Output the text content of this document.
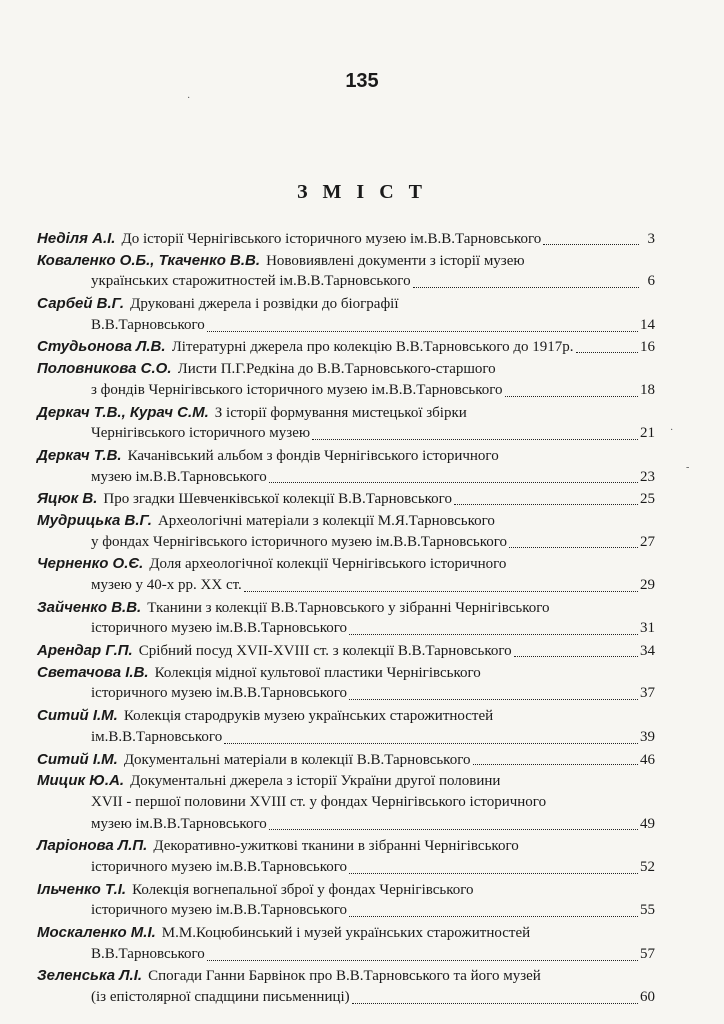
135
З М І С Т
·
·
-
Неділя А.І. До історії Чернігівського історичного музею ім.В.В.Тарновського	3
Коваленко О.Б., Ткаченко В.В. Нововиявлені документи з історії музею
українських старожитностей ім.В.В.Тарновського	6
Сарбей В.Г. Друковані джерела і розвідки до біографії
В.В.Тарновського	14
Студьонова Л.В. Літературні джерела про колекцію В.В.Тарновського до 1917р.	16
Половникова С.О. Листи П.Г.Редкіна до В.В.Тарновського-старшого
з фондів Чернігівського історичного музею ім.В.В.Тарновського	18
Деркач Т.В., Курач С.М. З історії формування мистецької збірки
Чернігівського історичного музею	21
Деркач Т.В. Качанівський альбом з фондів Чернігівського історичного
музею ім.В.В.Тарновського	23
Яцюк В. Про згадки Шевченківської колекції В.В.Тарновського	25
Мудрицька В.Г. Археологічні матеріали з колекції М.Я.Тарновського
у фондах Чернігівського історичного музею ім.В.В.Тарновського	27
Черненко О.Є. Доля археологічної колекції Чернігівського історичного
музею у 40-х рр. XX ст.	29
Зайченко В.В. Тканини з колекції В.В.Тарновського у зібранні Чернігівського
історичного музею ім.В.В.Тарновського	31
Арендар Г.П. Срібний посуд XVII-XVIII ст. з колекції В.В.Тарновського	34
Светачова І.В. Колекція мідної культової пластики Чернігівського
історичного музею ім.В.В.Тарновського	37
Ситий І.М. Колекція стародруків музею українських старожитностей
ім.В.В.Тарновського	39
Ситий І.М. Документальні матеріали в колекції В.В.Тарновського	46
Мицик Ю.А. Документальні джерела з історії України другої половини
XVII - першої половини XVIII ст. у фондах Чернігівського історичного
музею ім.В.В.Тарновського	49
Ларіонова Л.П. Декоративно-ужиткові тканини в зібранні Чернігівського
історичного музею ім.В.В.Тарновського	52
Ільченко Т.І. Колекція вогнепальної зброї у фондах Чернігівського
історичного музею ім.В.В.Тарновського	55
Москаленко М.І. М.М.Коцюбинський і музей українських старожитностей
В.В.Тарновського	57
Зеленська Л.І. Спогади Ганни Барвінок про В.В.Тарновського та його музей
(із епістолярної спадщини письменниці)	60
